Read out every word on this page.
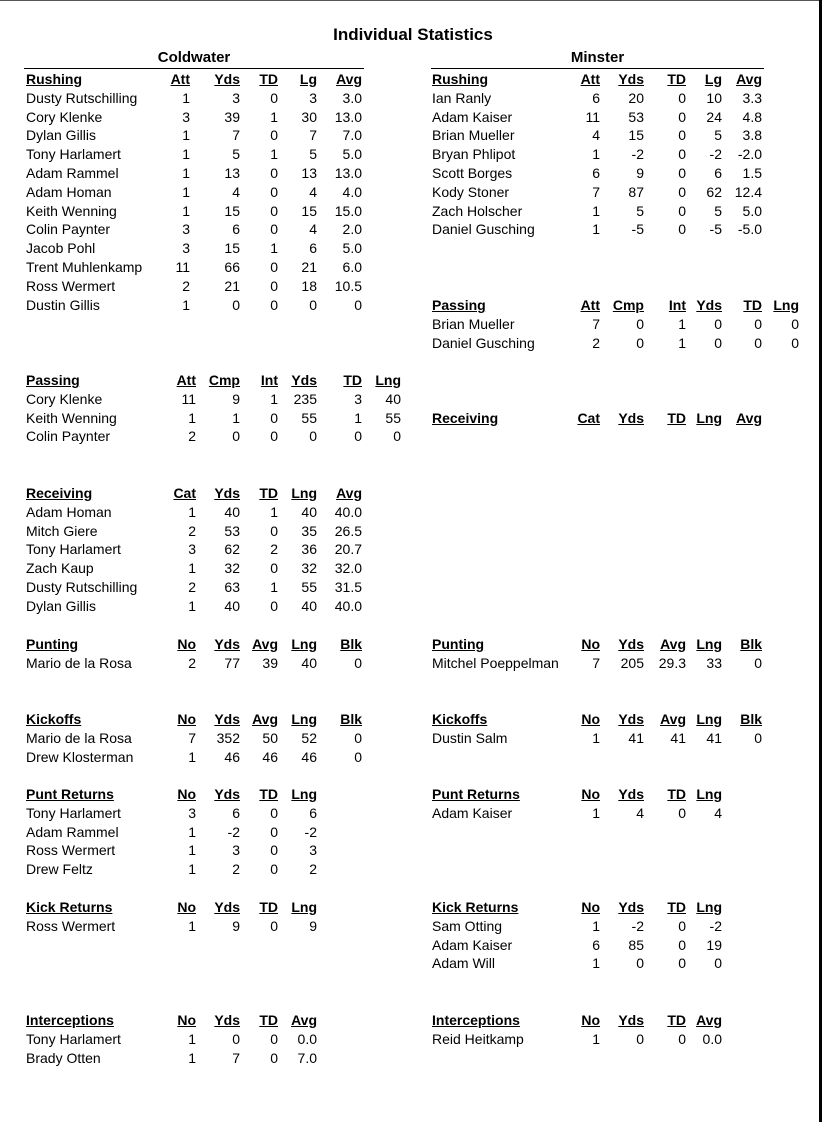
Individual Statistics
Coldwater	Minster
Rushing	Att	Yds	TD	Lg	Avg
Dusty Rutschilling	1	3	0	3	3.0
Cory Klenke	3	39	1	30	13.0
Dylan Gillis	1	7	0	7	7.0
Tony Harlamert	1	5	1	5	5.0
Adam Rammel	1	13	0	13	13.0
Adam Homan	1	4	0	4	4.0
Keith Wenning	1	15	0	15	15.0
Colin Paynter	3	6	0	4	2.0
Jacob Pohl	3	15	1	6	5.0
Trent Muhlenkamp	11	66	0	21	6.0
Ross Wermert	2	21	0	18	10.5
Dustin Gillis	1	0	0	0	0
Rushing	Att	Yds	TD	Lg	Avg
Ian Ranly	6	20	0	10	3.3
Adam Kaiser	11	53	0	24	4.8
Brian Mueller	4	15	0	5	3.8
Bryan Phlipot	1	-2	0	-2	-2.0
Scott Borges	6	9	0	6	1.5
Kody Stoner	7	87	0	62 12.4
Zach Holscher	1	5	0	5	5.0
Daniel Gusching	1	-5	0	-5	-5.0
Passing	Att Cmp	Int Yds	TD Lng
Brian Mueller	7	0	1	0	0	0
Daniel Gusching	2	0	1	0	0	0
Passing	Att Cmp	Int Yds	TD Lng
Cory Klenke	11	9	1	235	3	40
Keith Wenning	1	1	0	55	1	55
Colin Paynter	2	0	0	0	0	0
Receiving	Cat	Yds	TD Lng	Avg
Receiving	Cat	Yds	TD Lng	Avg
Adam Homan	1	40	1	40	40.0
Mitch Giere	2	53	0	35	26.5
Tony Harlamert	3	62	2	36	20.7
Zach Kaup	1	32	0	32	32.0
Dusty Rutschilling	2	63	1	55	31.5
Dylan Gillis	1	40	0	40	40.0
Punting	No	Yds Avg Lng	Blk
Mario de la Rosa	2	77	39	40	0
Punting	No	Yds	Avg Lng	Blk
Mitchel Poeppelman	7	205	29.3	33	0
Kickoffs	No	Yds Avg Lng	Blk
Mario de la Rosa	7	352	50	52	0
Drew Klosterman	1	46	46	46	0
Kickoffs	No	Yds	Avg Lng	Blk
Dustin Salm	1	41	41	41	0
Punt Returns	No	Yds	TD Lng
Tony Harlamert	3	6	0	6
Adam Rammel	1	-2	0	-2
Ross Wermert	1	3	0	3
Drew Feltz	1	2	0	2
Punt Returns	No	Yds	TD Lng
Adam Kaiser	1	4	0	4
Kick Returns	No	Yds	TD Lng
Ross Wermert	1	9	0	9
Kick Returns	No	Yds	TD Lng
Sam Otting	1	-2	0	-2
Adam Kaiser	6	85	0	19
Adam Will	1	0	0	0
Interceptions	No	Yds	TD Avg
Tony Harlamert	1	0	0	0.0
Brady Otten	1	7	0	7.0
Interceptions	No	Yds	TD Avg
Reid Heitkamp	1	0	0	0.0
